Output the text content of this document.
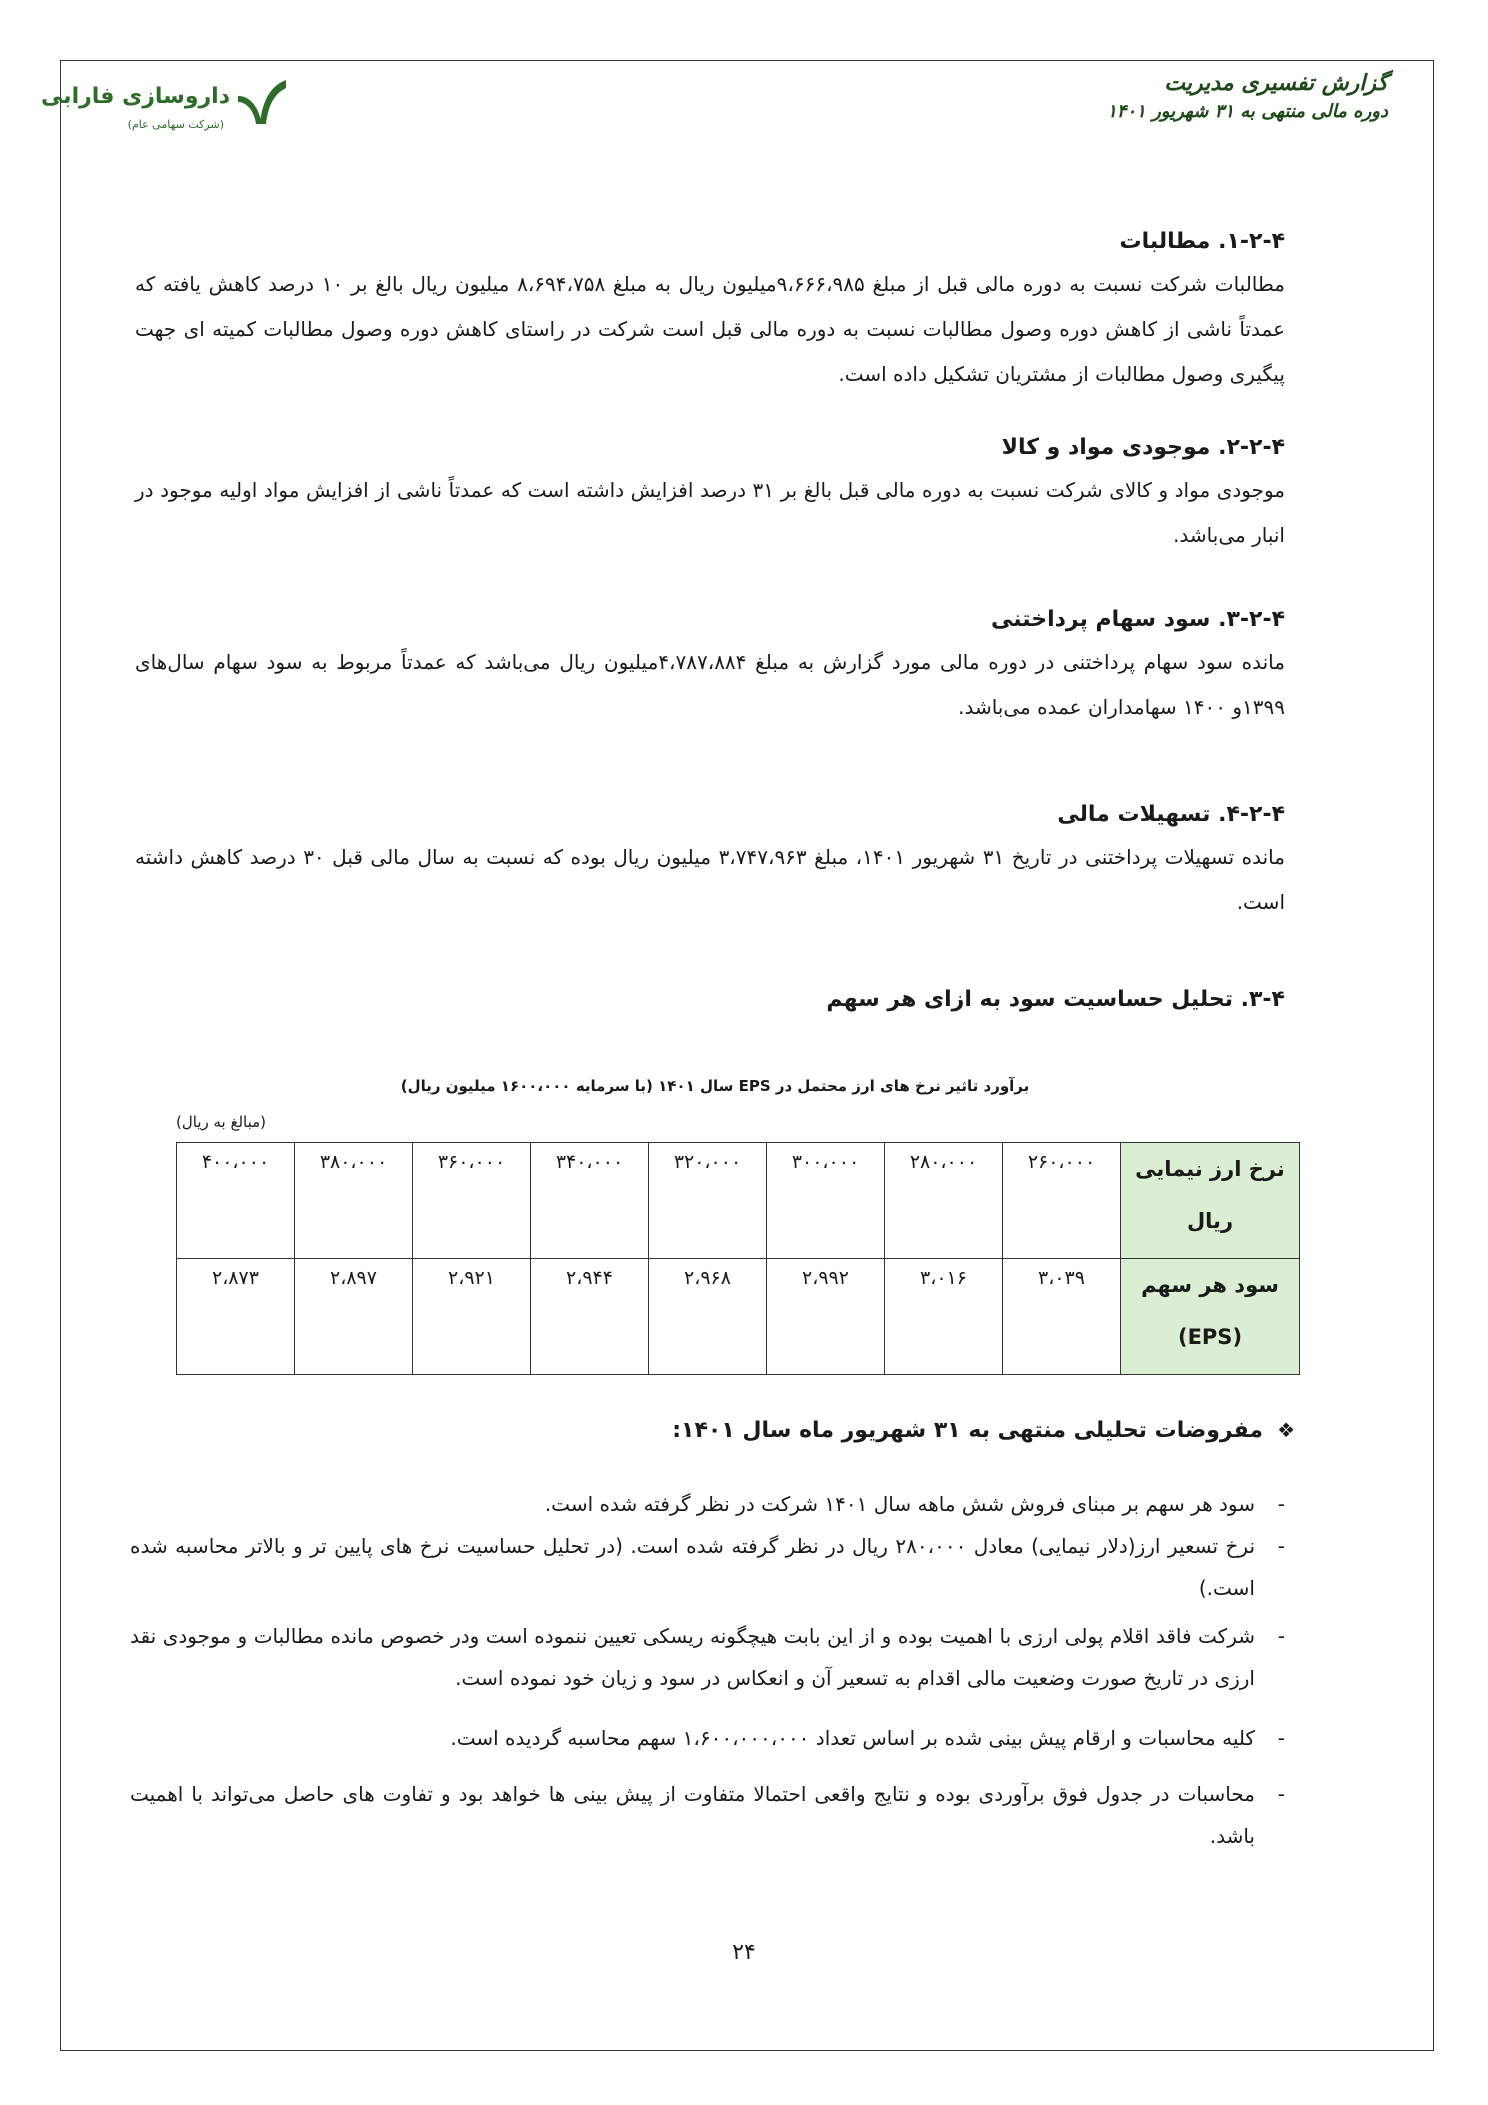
گزارش تفسیری مدیریت
دوره مالی منتهی به ۳۱ شهریور ۱۴۰۱
داروسازی فارابی
(شرکت سهامی عام)
۱-۲-۴. مطالبات

مطالبات شرکت نسبت به دوره مالی قبل از مبلغ ۹،۶۶۶،۹۸۵میلیون ریال به مبلغ ۸،۶۹۴،۷۵۸ میلیون ریال بالغ بر ۱۰ درصد کاهش یافته که عمدتاً ناشی از کاهش دوره وصول مطالبات نسبت به دوره مالی قبل است شرکت در راستای کاهش دوره وصول مطالبات کمیته ای جهت پیگیری وصول مطالبات از مشتریان تشکیل داده است.

۲-۲-۴. موجودی مواد و کالا

موجودی مواد و کالای شرکت نسبت به دوره مالی قبل بالغ بر ۳۱ درصد افزایش داشته است که عمدتاً ناشی از افزایش مواد اولیه موجود در انبار می‌باشد.

۳-۲-۴. سود سهام پرداختنی

مانده سود سهام پرداختنی در دوره مالی مورد گزارش به مبلغ ۴،۷۸۷،۸۸۴میلیون ریال می‌باشد که عمدتاً مربوط به سود سهام سال‌های ۱۳۹۹و ۱۴۰۰ سهامداران عمده می‌باشد.

۴-۲-۴. تسهیلات مالی

مانده تسهیلات پرداختنی در تاریخ ۳۱ شهریور ۱۴۰۱، مبلغ ۳،۷۴۷،۹۶۳ میلیون ریال بوده که نسبت به سال مالی قبل ۳۰ درصد کاهش داشته است.

۳-۴. تحلیل حساسیت سود به ازای هر سهم
برآورد تاثیر نرخ های ارز محتمل در EPS سال ۱۴۰۱ (با سرمایه ۱۶۰۰،۰۰۰ میلیون ریال)
(مبالغ به ریال)
نرخ ارز نیمایی
ریال	۲۶۰،۰۰۰	۲۸۰،۰۰۰	۳۰۰،۰۰۰	۳۲۰،۰۰۰	۳۴۰،۰۰۰	۳۶۰،۰۰۰	۳۸۰،۰۰۰	۴۰۰،۰۰۰

سود هر سهم
(EPS)	۳،۰۳۹	۳،۰۱۶	۲،۹۹۲	۲،۹۶۸	۲،۹۴۴	۲،۹۲۱	۲،۸۹۷	۲،۸۷۳
❖مفروضات تحلیلی منتهی به ۳۱ شهریور ماه سال ۱۴۰۱:
- سود هر سهم بر مبنای فروش شش ماهه سال ۱۴۰۱ شرکت در نظر گرفته شده است.
- نرخ تسعیر ارز(دلار نیمایی) معادل ۲۸۰،۰۰۰ ریال در نظر گرفته شده است. (در تحلیل حساسیت نرخ های پایین تر و بالاتر محاسبه شده است.)
- شرکت فاقد اقلام پولی ارزی با اهمیت بوده و از این بابت هیچگونه ریسکی تعیین ننموده است ودر خصوص مانده مطالبات و موجودی نقد ارزی در تاریخ صورت وضعیت مالی اقدام به تسعیر آن و انعکاس در سود و زیان خود نموده است.
- کلیه محاسبات و ارقام پیش بینی شده بر اساس تعداد ۱،۶۰۰،۰۰۰،۰۰۰ سهم محاسبه گردیده است.
- محاسبات در جدول فوق برآوردی بوده و نتایج واقعی احتمالا متفاوت از پیش بینی ها خواهد بود و تفاوت های حاصل می‌تواند با اهمیت باشد.
۲۴
